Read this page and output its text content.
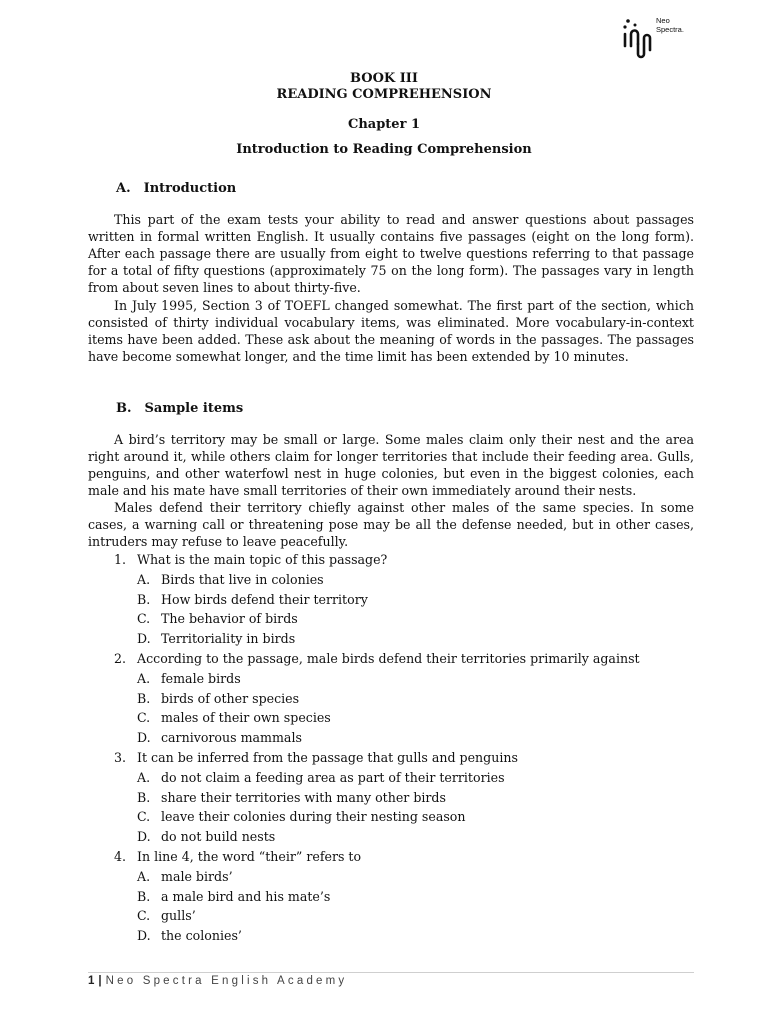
Neo
Spectra.
BOOK III
READING COMPREHENSION
Chapter 1
Introduction to Reading Comprehension
A. Introduction

This part of the exam tests your ability to read and answer questions about passages written in formal written English. It usually contains five passages (eight on the long form). After each passage there are usually from eight to twelve questions referring to that passage for a total of fifty questions (approximately 75 on the long form). The passages vary in length from about seven lines to about thirty-five.

In July 1995, Section 3 of TOEFL changed somewhat. The first part of the section, which consisted of thirty individual vocabulary items, was eliminated. More vocabulary-in-context items have been added. These ask about the meaning of words in the passages. The passages have become somewhat longer, and the time limit has been extended by 10 minutes.

B. Sample items

A bird’s territory may be small or large. Some males claim only their nest and the area right around it, while others claim for longer territories that include their feeding area. Gulls, penguins, and other waterfowl nest in huge colonies, but even in the biggest colonies, each male and his mate have small territories of their own immediately around their nests.

Males defend their territory chiefly against other males of the same species. In some cases, a warning call or threatening pose may be all the defense needed, but in other cases, intruders may refuse to leave peacefully.

1. What is the main topic of this passage?
A. Birds that live in colonies
B. How birds defend their territory
C. The behavior of birds
D. Territoriality in birds
2. According to the passage, male birds defend their territories primarily against
A. female birds
B. birds of other species
C. males of their own species
D. carnivorous mammals
3. It can be inferred from the passage that gulls and penguins
A. do not claim a feeding area as part of their territories
B. share their territories with many other birds
C. leave their colonies during their nesting season
D. do not build nests
4. In line 4, the word “their” refers to
A. male birds’
B. a male bird and his mate’s
C. gulls’
D. the colonies’
1 | Neo Spectra English Academy
